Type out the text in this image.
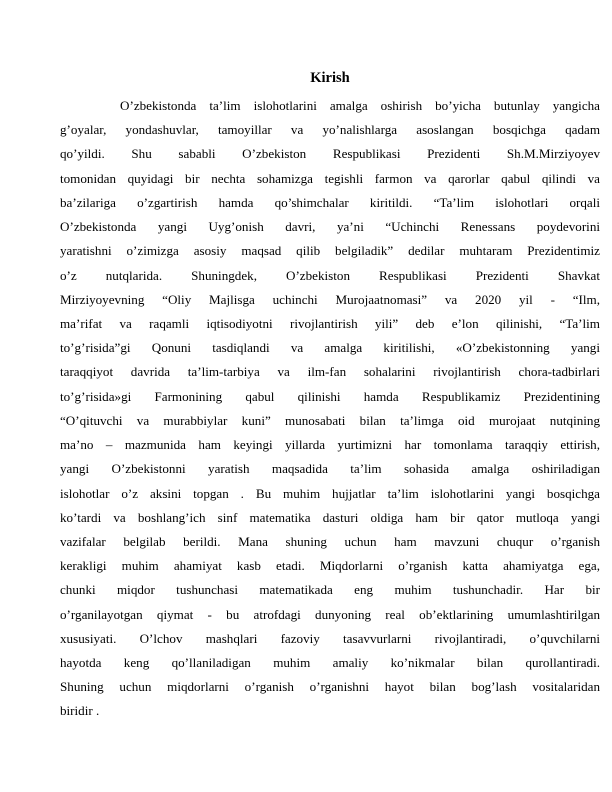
Kirish
O’zbekistonda ta’lim islohotlarini amalga oshirish bo’yicha butunlay yangicha
g’oyalar, yondashuvlar, tamoyillar va yo’nalishlarga asoslangan bosqichga qadam
qo’yildi. Shu sababli O’zbekiston Respublikasi Prezidenti Sh.M.Mirziyoyev
tomonidan quyidagi bir nechta sohamizga tegishli farmon va qarorlar qabul qilindi va
ba’zilariga o’zgartirish hamda qo’shimchalar kiritildi. “Ta’lim islohotlari orqali
O’zbekistonda yangi Uyg’onish davri, ya’ni “Uchinchi Renessans poydevorini
yaratishni o’zimizga asosiy maqsad qilib belgiladik” dedilar muhtaram Prezidentimiz
o’z nutqlarida. Shuningdek, O’zbekiston Respublikasi Prezidenti Shavkat
Mirziyoyevning “Oliy Majlisga uchinchi Murojaatnomasi” va 2020 yil - “Ilm,
ma’rifat va raqamli iqtisodiyotni rivojlantirish yili” deb e’lon qilinishi, “Ta’lim
to’g’risida”gi Qonuni tasdiqlandi va amalga kiritilishi, «O’zbekistonning yangi
taraqqiyot davrida ta’lim-tarbiya va ilm-fan sohalarini rivojlantirish chora-tadbirlari
to’g’risida»gi Farmonining qabul qilinishi hamda Respublikamiz Prezidentining
“O’qituvchi va murabbiylar kuni” munosabati bilan ta’limga oid murojaat nutqining
ma’no – mazmunida ham keyingi yillarda yurtimizni har tomonlama taraqqiy ettirish,
yangi O’zbekistonni yaratish maqsadida ta’lim sohasida amalga oshiriladigan
islohotlar o’z aksini topgan . Bu muhim hujjatlar ta’lim islohotlarini yangi bosqichga
ko’tardi va boshlang’ich sinf matematika dasturi oldiga ham bir qator mutloqa yangi
vazifalar belgilab berildi. Mana shuning uchun ham mavzuni chuqur o’rganish
kerakligi muhim ahamiyat kasb etadi. Miqdorlarni o’rganish katta ahamiyatga ega,
chunki miqdor tushunchasi matematikada eng muhim tushunchadir. Har bir
o’rganilayotgan qiymat - bu atrofdagi dunyoning real ob’ektlarining umumlashtirilgan
xususiyati. O’lchov mashqlari fazoviy tasavvurlarni rivojlantiradi, o’quvchilarni
hayotda keng qo’llaniladigan muhim amaliy ko’nikmalar bilan qurollantiradi.
Shuning uchun miqdorlarni o’rganish o’rganishni hayot bilan bog’lash vositalaridan
biridir .
